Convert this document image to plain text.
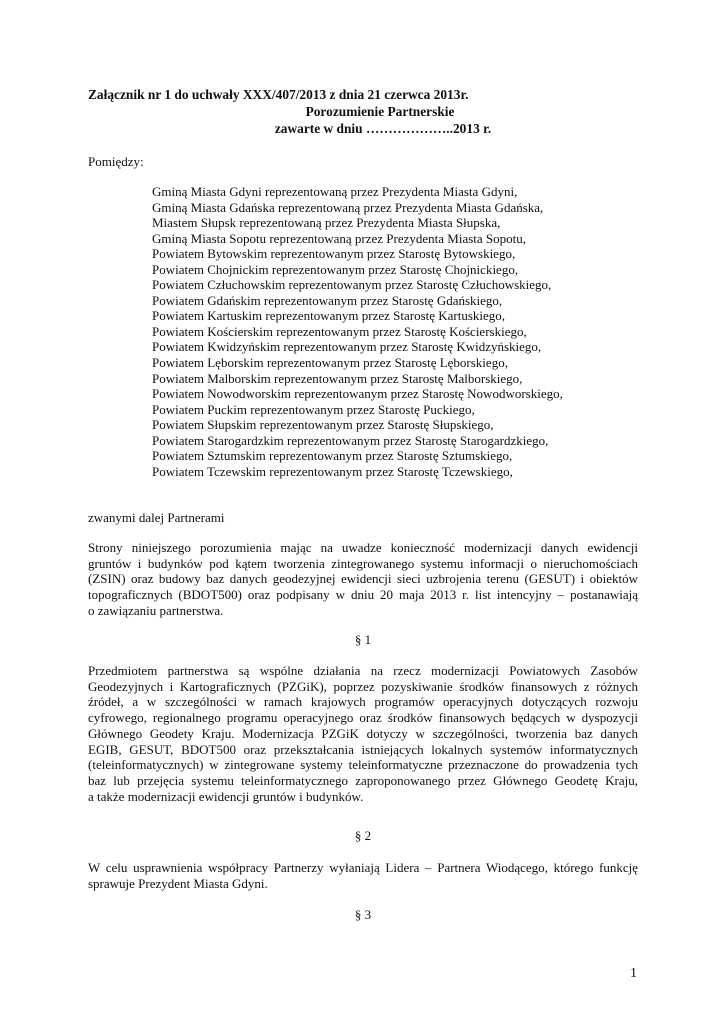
Załącznik nr 1 do uchwały XXX/407/2013 z dnia 21 czerwca 2013r.
Porozumienie Partnerskie
zawarte w dniu ………………..2013 r.
Pomiędzy:
Gminą Miasta Gdyni reprezentowaną przez Prezydenta Miasta Gdyni,
Gminą Miasta Gdańska reprezentowaną przez Prezydenta Miasta Gdańska,
Miastem Słupsk reprezentowaną przez Prezydenta Miasta Słupska,
Gminą Miasta Sopotu reprezentowaną przez Prezydenta Miasta Sopotu,
Powiatem Bytowskim reprezentowanym przez Starostę Bytowskiego,
Powiatem Chojnickim reprezentowanym przez Starostę Chojnickiego,
Powiatem Człuchowskim reprezentowanym przez Starostę Człuchowskiego,
Powiatem Gdańskim reprezentowanym przez Starostę Gdańskiego,
Powiatem Kartuskim reprezentowanym przez Starostę Kartuskiego,
Powiatem Kościerskim reprezentowanym przez Starostę Kościerskiego,
Powiatem Kwidzyńskim reprezentowanym przez Starostę Kwidzyńskiego,
Powiatem Lęborskim reprezentowanym przez Starostę Lęborskiego,
Powiatem Malborskim reprezentowanym przez Starostę Malborskiego,
Powiatem Nowodworskim reprezentowanym przez Starostę Nowodworskiego,
Powiatem Puckim reprezentowanym przez Starostę Puckiego,
Powiatem Słupskim reprezentowanym przez Starostę Słupskiego,
Powiatem Starogardzkim reprezentowanym przez Starostę Starogardzkiego,
Powiatem Sztumskim reprezentowanym przez Starostę Sztumskiego,
Powiatem Tczewskim reprezentowanym przez Starostę Tczewskiego,
zwanymi dalej Partnerami
Strony niniejszego porozumienia mając na uwadze konieczność modernizacji danych ewidencji
gruntów i budynków pod kątem tworzenia zintegrowanego systemu informacji o nieruchomościach
(ZSIN) oraz budowy baz danych geodezyjnej ewidencji sieci uzbrojenia terenu (GESUT) i obiektów
topograficznych (BDOT500) oraz podpisany w dniu 20 maja 2013 r. list intencyjny – postanawiają
o zawiązaniu partnerstwa.
§ 1
Przedmiotem partnerstwa są wspólne działania na rzecz modernizacji Powiatowych Zasobów
Geodezyjnych i Kartograficznych (PZGiK), poprzez pozyskiwanie środków finansowych z różnych
źródeł, a w szczególności w ramach krajowych programów operacyjnych dotyczących rozwoju
cyfrowego, regionalnego programu operacyjnego oraz środków finansowych będących w dyspozycji
Głównego Geodety Kraju. Modernizacja PZGiK dotyczy w szczególności, tworzenia baz danych
EGIB, GESUT, BDOT500 oraz przekształcania istniejących lokalnych systemów informatycznych
(teleinformatycznych) w zintegrowane systemy teleinformatyczne przeznaczone do prowadzenia tych
baz lub przejęcia systemu teleinformatycznego zaproponowanego przez Głównego Geodetę Kraju,
a także modernizacji ewidencji gruntów i budynków.
§ 2
W celu usprawnienia współpracy Partnerzy wyłaniają Lidera – Partnera Wiodącego, którego funkcję
sprawuje Prezydent Miasta Gdyni.
§ 3
1
